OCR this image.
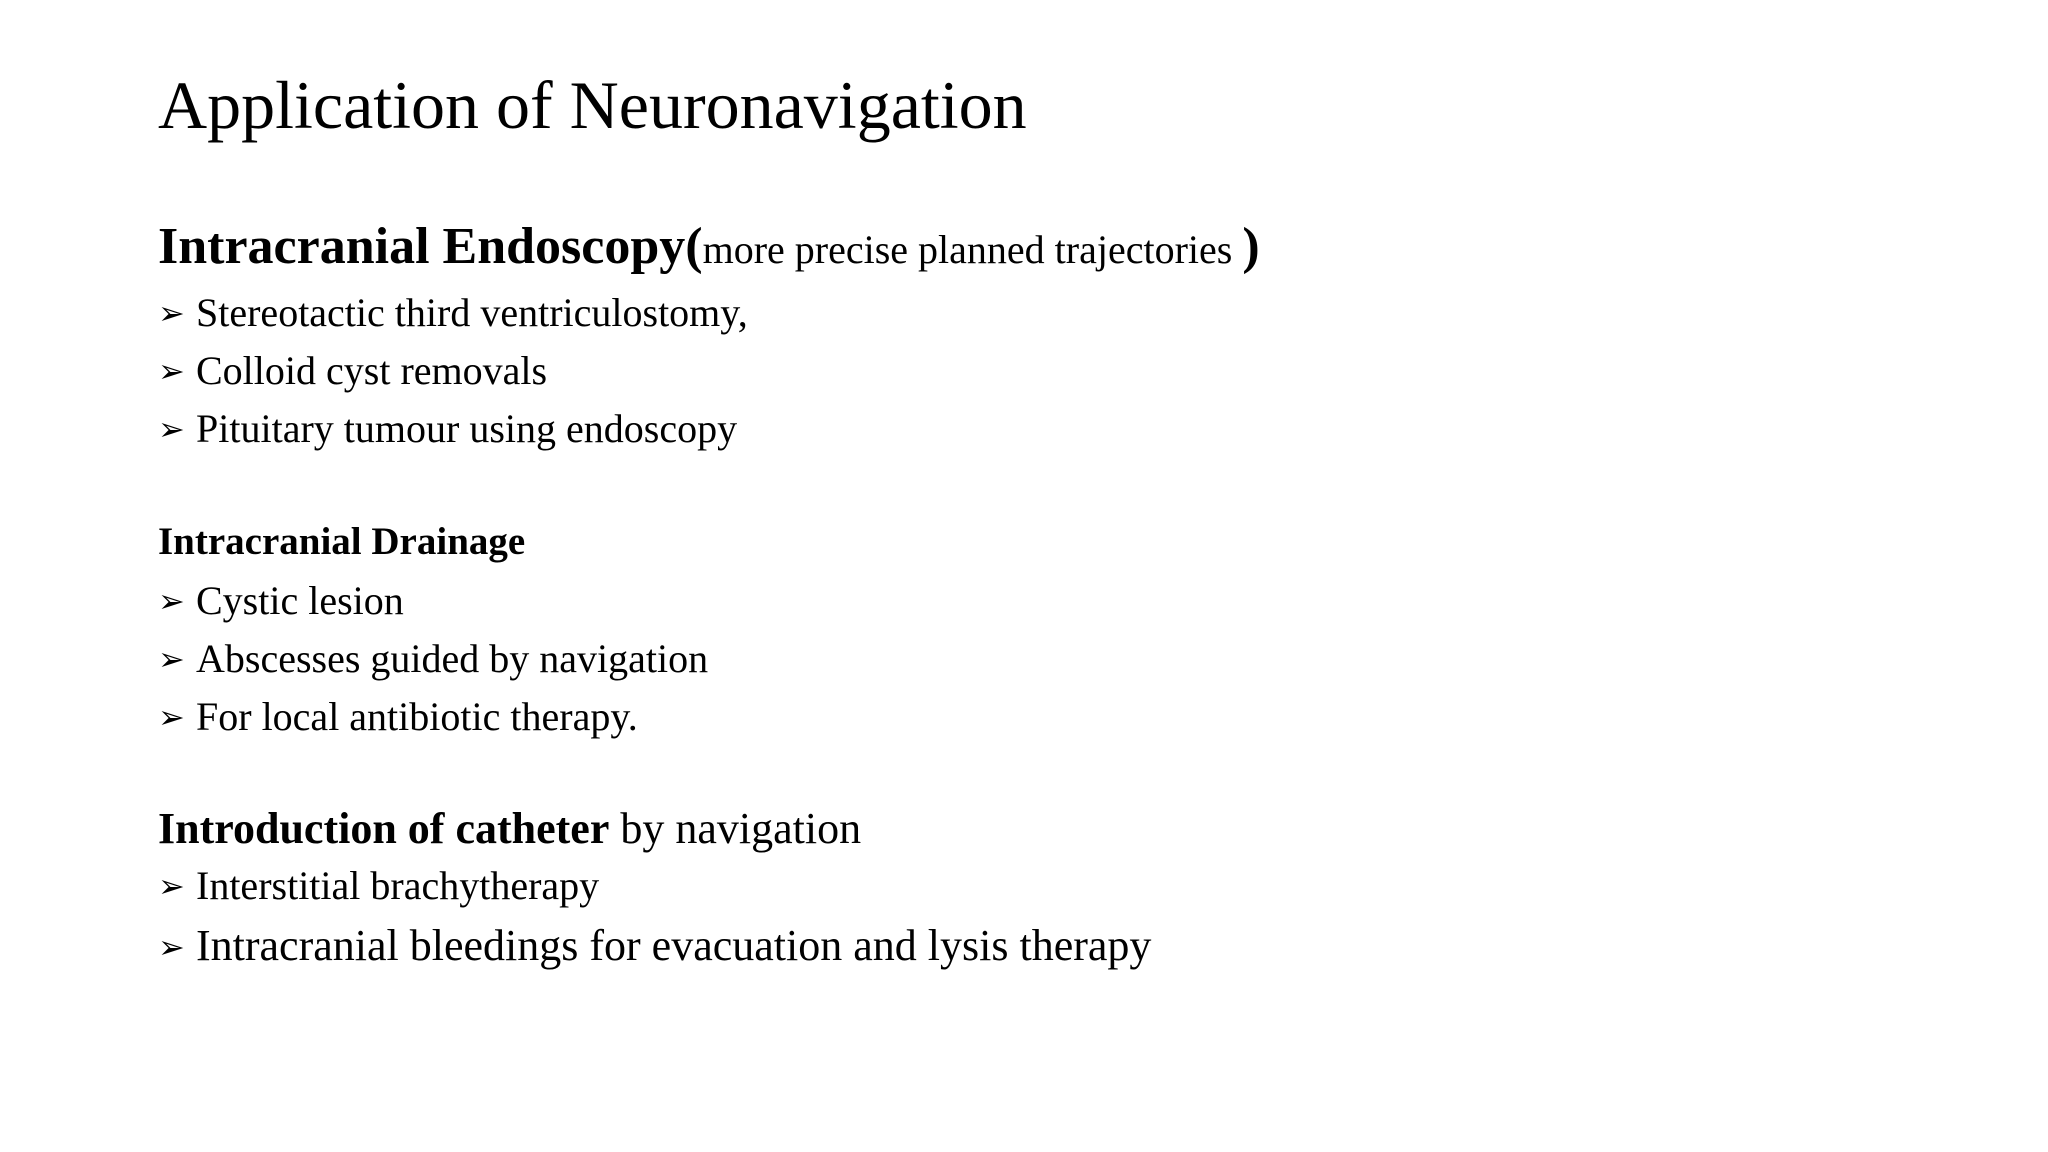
Application of Neuronavigation
Intracranial Endoscopy(more precise planned trajectories )
➢ Stereotactic third ventriculostomy,
➢ Colloid cyst removals
➢ Pituitary tumour using endoscopy
Intracranial Drainage
➢ Cystic lesion
➢ Abscesses guided by navigation
➢ For local antibiotic therapy.
Introduction of catheter by navigation
➢ Interstitial brachytherapy
➢ Intracranial bleedings for evacuation and lysis therapy
